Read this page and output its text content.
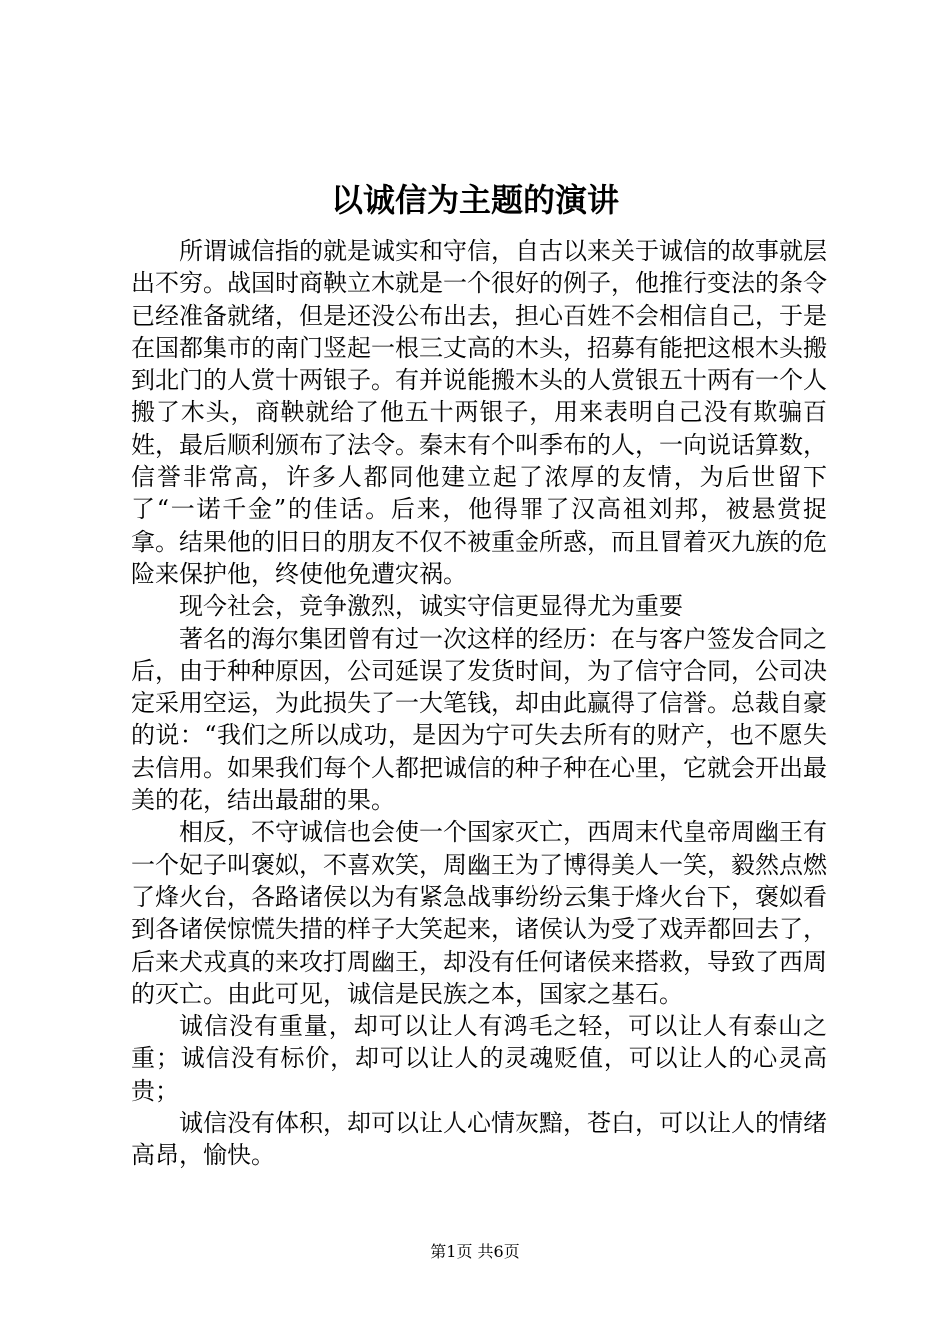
以诚信为主题的演讲

所谓诚信指的就是诚实和守信，自古以来关于诚信的故事就层出不穷。战国时商鞅立木就是一个很好的例子，他推行变法的条令已经准备就绪，但是还没公布出去，担心百姓不会相信自己，于是在国都集市的南门竖起一根三丈高的木头，招募有能把这根木头搬到北门的人赏十两银子。有并说能搬木头的人赏银五十两有一个人搬了木头，商鞅就给了他五十两银子，用来表明自己没有欺骗百姓，最后顺利颁布了法令。秦末有个叫季布的人，一向说话算数，信誉非常高，许多人都同他建立起了浓厚的友情，为后世留下了“一诺千金”的佳话。后来，他得罪了汉高祖刘邦，被悬赏捉拿。结果他的旧日的朋友不仅不被重金所惑，而且冒着灭九族的危险来保护他，终使他免遭灾祸。

现今社会，竞争激烈，诚实守信更显得尤为重要

著名的海尔集团曾有过一次这样的经历：在与客户签发合同之后，由于种种原因，公司延误了发货时间，为了信守合同，公司决定采用空运，为此损失了一大笔钱，却由此赢得了信誉。总裁自豪的说：“我们之所以成功，是因为宁可失去所有的财产，也不愿失去信用。如果我们每个人都把诚信的种子种在心里，它就会开出最美的花，结出最甜的果。

相反，不守诚信也会使一个国家灭亡，西周末代皇帝周幽王有一个妃子叫褒姒，不喜欢笑，周幽王为了博得美人一笑，毅然点燃了烽火台，各路诸侯以为有紧急战事纷纷云集于烽火台下，褒姒看到各诸侯惊慌失措的样子大笑起来，诸侯认为受了戏弄都回去了，后来犬戎真的来攻打周幽王，却没有任何诸侯来搭救，导致了西周的灭亡。由此可见，诚信是民族之本，国家之基石。

诚信没有重量，却可以让人有鸿毛之轻，可以让人有泰山之重；诚信没有标价，却可以让人的灵魂贬值，可以让人的心灵高贵；

诚信没有体积，却可以让人心情灰黯，苍白，可以让人的情绪高昂，愉快。

第1页 共6页
